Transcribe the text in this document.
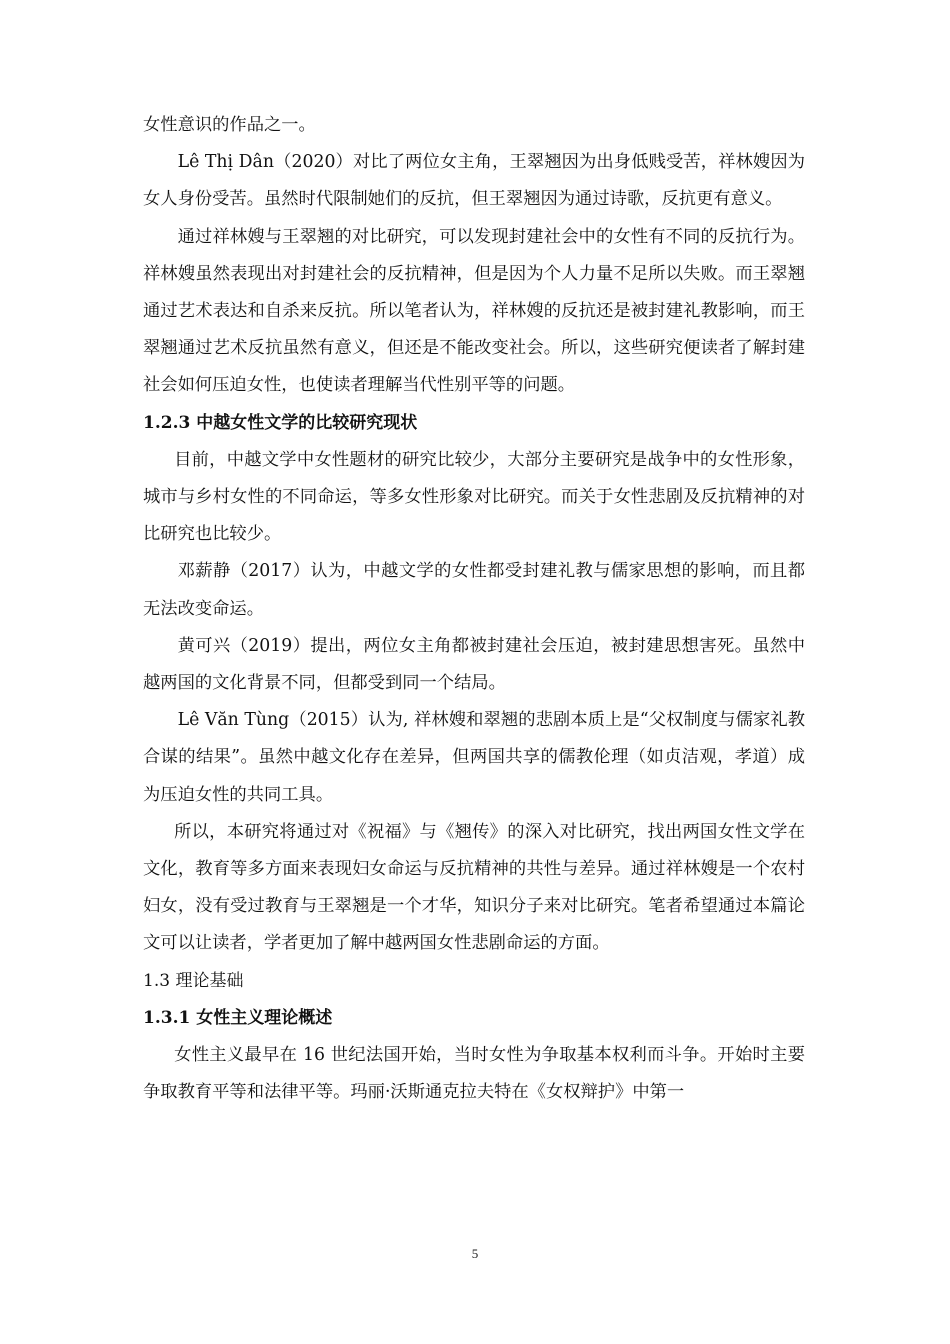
女性意识的作品之一。

Lê Thị Dân（2020）对比了两位女主角，王翠翘因为出身低贱受苦，祥林嫂因为女人身份受苦。虽然时代限制她们的反抗，但王翠翘因为通过诗歌，反抗更有意义。

通过祥林嫂与王翠翘的对比研究，可以发现封建社会中的女性有不同的反抗行为。祥林嫂虽然表现出对封建社会的反抗精神，但是因为个人力量不足所以失败。而王翠翘通过艺术表达和自杀来反抗。所以笔者认为，祥林嫂的反抗还是被封建礼教影响，而王翠翘通过艺术反抗虽然有意义，但还是不能改变社会。所以，这些研究便读者了解封建社会如何压迫女性，也使读者理解当代性别平等的问题。

1.2.3 中越女性文学的比较研究现状

目前，中越文学中女性题材的研究比较少，大部分主要研究是战争中的女性形象，城市与乡村女性的不同命运，等多女性形象对比研究。而关于女性悲剧及反抗精神的对比研究也比较少。

邓薪静（2017）认为，中越文学的女性都受封建礼教与儒家思想的影响，而且都无法改变命运。

黄可兴（2019）提出，两位女主角都被封建社会压迫，被封建思想害死。虽然中越两国的文化背景不同，但都受到同一个结局。

Lê Văn Tùng（2015）认为, 祥林嫂和翠翘的悲剧本质上是“父权制度与儒家礼教合谋的结果”。虽然中越文化存在差异，但两国共享的儒教伦理（如贞洁观，孝道）成为压迫女性的共同工具。

所以，本研究将通过对《祝福》与《翘传》的深入对比研究，找出两国女性文学在文化，教育等多方面来表现妇女命运与反抗精神的共性与差异。通过祥林嫂是一个农村妇女，没有受过教育与王翠翘是一个才华，知识分子来对比研究。笔者希望通过本篇论文可以让读者，学者更加了解中越两国女性悲剧命运的方面。

1.3 理论基础

1.3.1 女性主义理论概述

女性主义最早在 16 世纪法国开始，当时女性为争取基本权利而斗争。开始时主要争取教育平等和法律平等。玛丽·沃斯通克拉夫特在《女权辩护》中第一

5
